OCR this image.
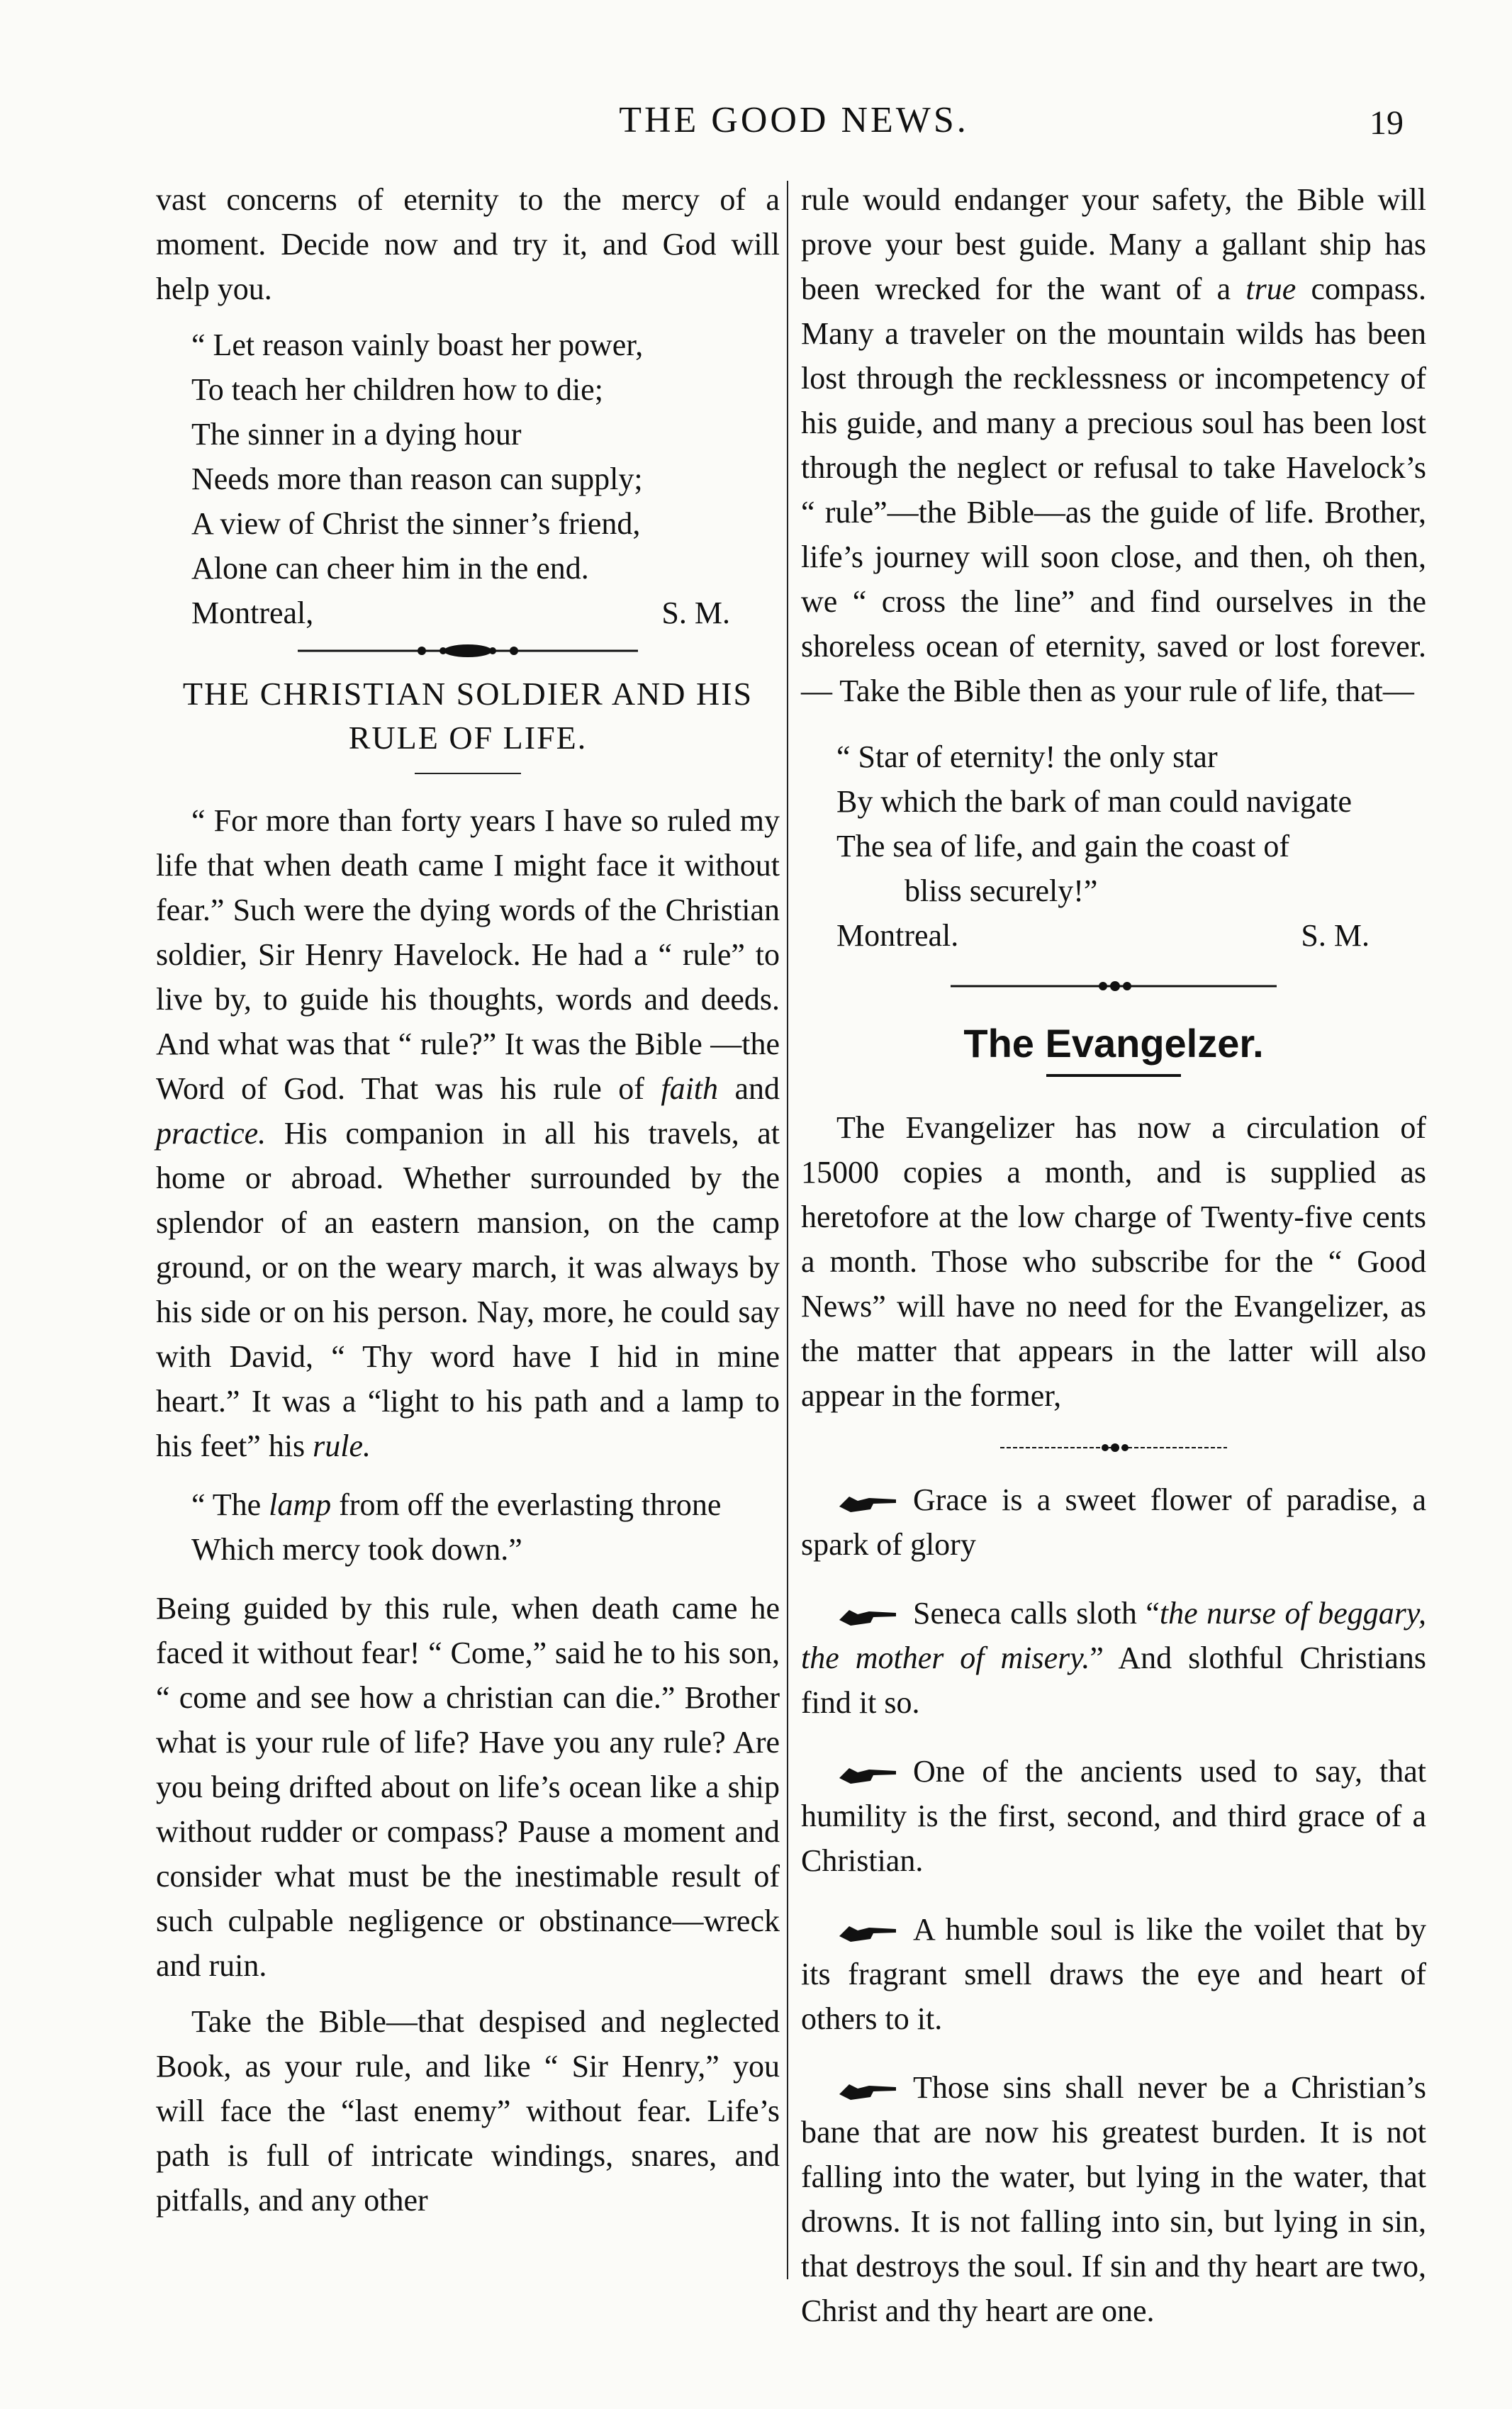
THE GOOD NEWS.	19

vast concerns of eternity to the mercy of a moment. Decide now and try it, and God will help you.

“ Let reason vainly boast her power,
To teach her children how to die;
The sinner in a dying hour
Needs more than reason can supply;
A view of Christ the sinner’s friend,
Alone can cheer him in the end.
Montreal,	S. M.
THE CHRISTIAN SOLDIER AND HIS RULE OF LIFE.

“ For more than forty years I have so ruled my life that when death came I might face it without fear.” Such were the dying words of the Christian soldier, Sir Henry Havelock. He had a “ rule” to live by, to guide his thoughts, words and deeds. And what was that “ rule?” It was the Bible —the Word of God. That was his rule of faith and practice. His companion in all his travels, at home or abroad. Whether surrounded by the splendor of an eastern mansion, on the camp ground, or on the weary march, it was always by his side or on his person. Nay, more, he could say with David, “ Thy word have I hid in mine heart.” It was a “light to his path and a lamp to his feet” his rule.

“ The lamp from off the everlasting throne
Which mercy took down.”

Being guided by this rule, when death came he faced it without fear! “ Come,” said he to his son, “ come and see how a christian can die.” Brother what is your rule of life? Have you any rule? Are you being drifted about on life’s ocean like a ship without rudder or compass? Pause a moment and consider what must be the inestimable result of such culpable negligence or obstinance—wreck and ruin.

Take the Bible—that despised and neglected Book, as your rule, and like “ Sir Henry,” you will face the “last enemy” without fear. Life’s path is full of intricate windings, snares, and pitfalls, and any other

rule would endanger your safety, the Bible will prove your best guide. Many a gallant ship has been wrecked for the want of a true compass. Many a traveler on the mountain wilds has been lost through the recklessness or incompetency of his guide, and many a precious soul has been lost through the neglect or refusal to take Havelock’s “ rule”—the Bible—as the guide of life. Brother, life’s journey will soon close, and then, oh then, we “ cross the line” and find ourselves in the shoreless ocean of eternity, saved or lost forever.— Take the Bible then as your rule of life, that—

“ Star of eternity! the only star
By which the bark of man could navigate
The sea of life, and gain the coast of
bliss securely!”
Montreal.	S. M.
The Evangelzer.

The Evangelizer has now a circulation of 15000 copies a month, and is supplied as heretofore at the low charge of Twenty-five cents a month. Those who subscribe for the “ Good News” will have no need for the Evangelizer, as the matter that appears in the latter will also appear in the former,

Grace is a sweet flower of paradise, a spark of glory

Seneca calls sloth “the nurse of beggary, the mother of misery.” And slothful Christians find it so.

One of the ancients used to say, that humility is the first, second, and third grace of a Christian.

A humble soul is like the voilet that by its fragrant smell draws the eye and heart of others to it.

Those sins shall never be a Christian’s bane that are now his greatest burden. It is not falling into the water, but lying in the water, that drowns. It is not falling into sin, but lying in sin, that destroys the soul. If sin and thy heart are two, Christ and thy heart are one.
